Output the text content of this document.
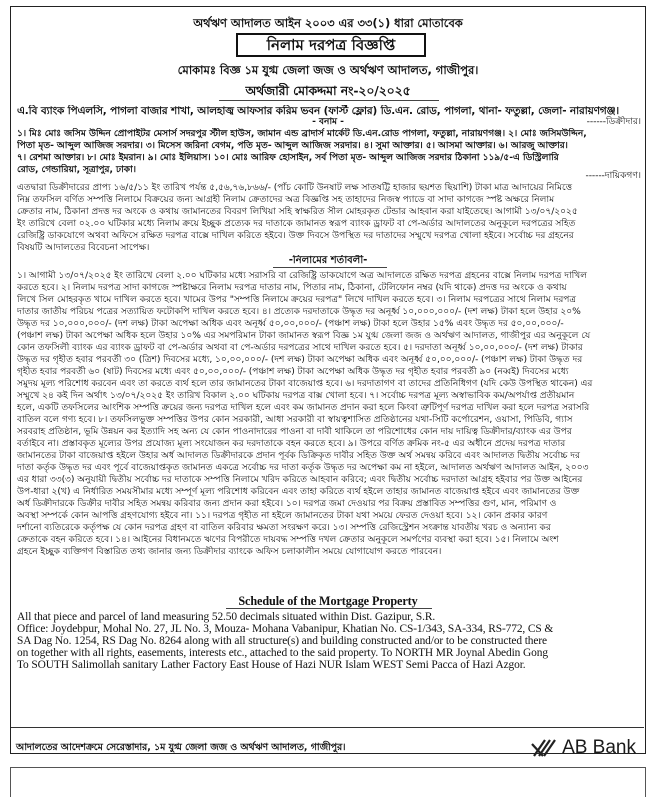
অর্থঋণ আদালত আইন ২০০৩ এর ৩৩(১) ধারা মোতাবেক
নিলাম দরপত্র বিজ্ঞপ্তি
মোকামঃ বিজ্ঞ ১ম যুগ্ম জেলা জজ ও অর্থঋণ আদালত, গাজীপুর।
অর্থজারী মোকদ্দমা নং-২০/২০২৫
এ.বি ব্যাংক পিএলসি, পাগলা বাজার শাখা, আলহাজ্ব আফসার করিম ভবন (ফার্স্ট ফ্লোর) ডি.এন. রোড, পাগলা, থানা- ফতুল্লা, জেলা- নারায়ণগঞ্জ।
------ডিক্রীদার।
- বনাম -
১। মিঃ মোঃ জসিম উদ্দিন প্রোপাইটর মেসার্স সদরপুর স্টীল হাউস, জামান এন্ড ব্রাদার্স মার্কেট ডি.এন.রোড পাগলা, ফতুল্লা, নারায়ণগঞ্জ। ২। মোঃ জসিমউদ্দিন,
পিতা মৃত- আব্দুল আজিজ সরদার। ৩। মিসেস জরিনা বেগম, পতি মৃত- আব্দুল আজিজ সরদার। ৪। সুমা আক্তার। ৫। আসমা আক্তার। ৬। আরজু আক্তার।
৭। রেশমা আক্তার। ৮। মোঃ ইমরান। ৯। মোঃ ইলিয়াস। ১০। মোঃ আরিফ হোসাইন, সর্ব পিতা মৃত- আব্দুল আজিজ সরদার ঠিকানা ১১৯/৫-এ ডিস্ট্রিলারি
রোড, গেন্ডারিয়া, সূত্রাপুর, ঢাকা।
------দায়িকগণ।
এতদ্বারা ডিক্রীদারের প্রাপ্য ১৬/৫/১১ ইং তারিখ পর্যন্ত ৫,৫৬,৭৬,৮৬৬/- (পাঁচ কোটি উনষাট লক্ষ সাতষট্টি হাজার ছয়শত ছিয়াশি) টাকা মাত্র আদায়ের নিমিত্তে
নিম্ন তফসিল বর্ণিত সম্পত্তি নিলামে বিক্রয়ের জন্য আগ্রহী নিলাম ক্রেতাদের অত্র বিজ্ঞপ্তি সহ তাহাদের নিজস্ব প্যাডে বা সাদা কাগজে স্পষ্ট অক্ষরে নিলাম
ক্রেতার নাম, ঠিকানা প্রদত্ত দর অংকে ও কথায় জামানতের বিবরণ লিখিয়া সহি স্বাক্ষরিত সীল মোহরকৃত টেন্ডার আহবান করা যাইতেছে। আগামী ১৩/০৭/২০২৫
ইং তারিখে বেলা ০২.০০ ঘটিকার মধ্যে নিলাম ক্রয়ে ইচ্ছুক প্রত্যেক দর দাতাকে জামানত স্বরূপ ব্যাংক ড্রাফট বা পে-অর্ডার আদালতের অনুকূলে দরপত্রের সহিত
রেজিষ্ট্রি ডাকযোগে অথবা অফিসে রক্ষিত দরপত্র বাক্সে দাখিল করিতে হইবে। উক্ত দিবসে উপস্থিত দর দাতাদের সম্মুখে দরপত্র খোলা হইবে। সর্বোচ্চ দর গ্রহনের
বিষয়টি আদালতের বিবেচনা সাপেক্ষ।
-নিলামের শর্তাবলী-
১। আগামী ১৩/০৭/২০২৫ ইং তারিখে বেলা ২.০০ ঘটিকার মধ্যে সরাসরি বা রেজিষ্ট্রি ডাকযোগে অত্র আদালতে রক্ষিত দরপত্র গ্রহনের বাক্সে নিলাম দরপত্র দাখিল
করতে হবে। ২। নিলাম দরপত্র সাদা কাগজে স্পষ্টাক্ষরে নিলাম দরপত্র দাতার নাম, পিতার নাম, ঠিকানা, টেলিফোন নম্বর (যদি থাকে) প্রদত্ত দর অংকে ও কথায়
লিখে সিল মোহরকৃত খামে দাখিল করতে হবে। খামের উপর "সম্পত্তি নিলামে ক্রয়ের দরপত্র" লিখে দাখিল করতে হবে। ৩। নিলাম দরপত্রের সাথে নিলাম দরপত্র
দাতার জাতীয় পরিচয় পত্রের সত্যায়িত ফটোকপি দাখিল করতে হবে। ৪। প্রত্যেক দরদাতাকে উদ্ধৃত দর অনূর্ধ্ব ১০,০০০,০০০/- (দশ লক্ষ) টাকা হলে উহার ২০%
উদ্ধৃত দর ১০,০০০,০০০/- (দশ লক্ষ) টাকা অপেক্ষা অধিক এবং অনূর্ধ্ব ৫০,০০,০০০/- (পঞ্চাশ লক্ষ) টাকা হলে উহার ১৫% এবং উদ্ধৃত দর ৫০,০০,০০০/-
(পঞ্চাশ লক্ষ) টাকা অপেক্ষা অধিক হলে উহার ১০% এর সমপরিমান টাকা জামানত স্বরূপ বিজ্ঞ ১ম যুগ্ম জেলা জজ ও অর্থঋণ আদালত, গাজীপুর এর অনুকূলে যে
কোন তফসিলী ব্যাংক এর ব্যাংক ড্রাফট বা পে-অর্ডার অথবা বা পে-অর্ডার দরপত্রের সাথে দাখিল করতে হবে। ৫। দরদাতা অনূর্ধ্ব ১০,০০,০০০/- (দশ লক্ষ) টাকার
উদ্ধৃত দর গৃহীত হবার পরবর্তী ৩০ (ত্রিশ) দিবসের মধ্যে, ১০,০০,০০০/- (দশ লক্ষ) টাকা অপেক্ষা অধিক এবং অনূর্ধ্ব ৫০,০০,০০০/- (পঞ্চাশ লক্ষ) টাকা উদ্ধৃত দর
গৃহীত হবার পরবর্তী ৬০ (ষাট) দিবসের মধ্যে এবং ৫০,০০,০০০/- (পঞ্চাশ লক্ষ) টাকা অপেক্ষা অধিক উদ্ধৃত দর গৃহীত হবার পরবর্তী ৯০ (নব্বই) দিবসের মধ্যে
সমুদয় মূল্য পরিশোধ করবেন এবং তা করতে ব্যর্থ হলে তার জামানতের টাকা বাজেয়াপ্ত হবে। ৬। দরদাতাগণ বা তাদের প্রতিনিধিগণ (যদি কেউ উপস্থিত থাকেন) এর
সম্মুখে ২৪ কই দিন অর্থাৎ ১৩/০৭/২০২৫ ইং তারিখ বিকাল ২.০০ ঘটিকায় দরপত্র বাক্স খোলা হবে। ৭। সর্বোচ্চ দরপত্র মূল্য অস্বাভাবিক কম/অপর্যাপ্ত প্রতীয়মান
হলে, একটি তফসিলের আংশিক সম্পত্তি ক্রয়ের জন্য দরপত্র দাখিল হলে এবং কম জামানত প্রদান করা হলে কিংবা ত্রুটিপূর্ণ দরপত্র দাখিল করা হলে দরপত্র সরাসরি
বাতিল বলে গণ্য হবে। ৮। তফসিলভুক্ত সম্পত্তির উপর কোন সরকারী, আধা সরকারী বা স্বায়ত্বশাসিত প্রতিষ্ঠানের যথা-সিটি কর্পোরেশন, ওয়াসা, পিডিবি, গ্যাস
সরবরাহ প্রতিষ্ঠান, ভূমি উন্নয়ন কর ইত্যাদি সহ অন্য যে কোন পাওনাদারের পাওনা বা দাবী থাকিলে তা পরিশোধের কোন দায় দায়িত্ব ডিক্রীদার/ব্যাংক এর উপর
বর্তাইবে না। প্রস্তাবকৃত মূল্যের উপর প্রযোজ্য মূল্য সংযোজন কর দরদাতাকে বহন করতে হবে। ৯। উপরে বর্ণিত ক্রমিক নং-৫ এর অধীনে প্রদেয় দরপত্র দাতার
জামানতের টাকা বাজেয়াপ্ত হইলে উহার অর্ধ আদালত ডিক্রীদারকে প্রদান পূর্বক ডিক্রিকৃত দাবীর সহিত উক্ত অর্থ সমন্বয় করিবে এবং আদালত দ্বিতীয় সর্বোচ্চ দর
দাতা কর্তৃক উদ্ধৃত দর এবং পূর্বে বাজেয়াপ্তকৃত জামানত একত্রে সর্বোচ্চ দর দাতা কর্তৃক উদ্ধৃত দর অপেক্ষা কম না হইলে, আদালত অর্থঋণ আদালত আইন, ২০০৩
এর ধারা ৩৩(৩) অনুযায়ী দ্বিতীয় সর্বোচ্চ দর দাতাকে সম্পত্তি নিলামে খরিদ করিতে আহবান করিবে; এবং দ্বিতীয় সর্বোচ্চ দরদাতা আগ্রহ হইবার পর উক্ত আইনের
উপ-ধারা ২(খ) এ নির্ধারিত সময়সীমার মধ্যে সম্পূর্ণ মূল্য পরিশোধ করিবেন এবং তাহা করিতে ব্যর্থ হইলে তাহার জামানত বাজেয়াপ্ত হইবে এবং জামানতের উক্ত
অর্ধ ডিক্রীদারকে ডিক্রীর দাবীর সহিত সমন্বয় করিবার জন্য প্রদান করা হইবে। ১০। দরপত্র জমা দেওয়ার পর বিক্রয় প্রস্তাবিত সম্পত্তির গুণ, মান, পরিমাণ ও
অবস্থা সম্পর্কে কোন আপত্তি গ্রহণযোগ্য হইবে না। ১১। দরপত্র গৃহীত না হইলে জামানতের টাকা যথা সময়ে ফেরত দেওয়া হবে। ১২। কোন প্রকার কারণ
দর্শানো ব্যতিরেকে কর্তৃপক্ষ যে কোন দরপত্র গ্রহণ বা বাতিল করিবার ক্ষমতা সংরক্ষণ করে। ১৩। সম্পত্তি রেজিস্ট্রেশন সংক্রান্ত যাবতীয় খরচ ও অন্যান্য কর
ক্রেতাকে বহন করিতে হবে। ১৪। আইনের বিধানমতে ঋণের বিপরীতে দায়বদ্ধ সম্পত্তি দখল ক্রেতার অনুকূলে সমর্পণের ব্যবস্থা করা হবে। ১৫। নিলামে অংশ
গ্রহনে ইচ্ছুক ব্যক্তিগণ বিস্তারিত তথ্য জানার জন্য ডিক্রীদার ব্যাংকে অফিস চলাকালীন সময়ে যোগাযোগ করতে পারবেন।
Schedule of the Mortgage Property
All that piece and parcel of land measuring 52.50 decimals situated within Dist. Gazipur, S.R.
Office: Joydebpur, Mohal No. 27, JL No. 3, Mouza- Mohana Vabanipur, Khatian No. CS-1/343, SA-334, RS-772, CS &
SA Dag No. 1254, RS Dag No. 8264 along with all structure(s) and building constructed and/or to be constructed there
on together with all rights, easements, interests etc., attached to the said property. To NORTH MR Joynal Abedin Gong
To SOUTH Salimollah sanitary Lather Factory East House of Hazi NUR Islam WEST Semi Pacca of Hazi Azgor.
আদালতের আদেশক্রমে সেরেস্তাদার, ১ম যুগ্ম জেলা জজ ও অর্থঋণ আদালত, গাজীপুর।	AB Bank
